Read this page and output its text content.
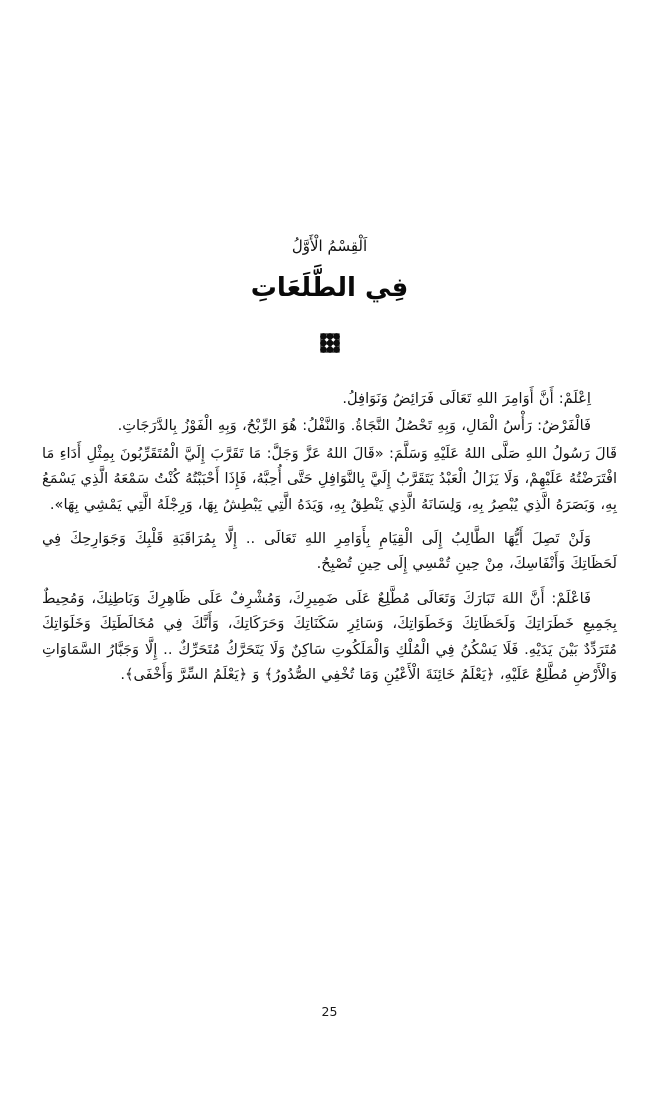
اَلْقِسْمُ الْأَوَّلُ
فِي الطَّلَعَاتِ

اِعْلَمْ: أَنَّ أَوَامِرَ اللهِ تَعَالَى فَرَائِضُ وَنَوَافِلُ.

فَالْفَرْضُ: رَأْسُ الْمَالِ، وَبِهِ تَحْصُلُ النَّجَاةُ. وَالنَّفْلُ: هُوَ الرِّبْحُ، وَبِهِ الْفَوْزُ بِالدَّرَجَاتِ.

قَالَ رَسُولُ اللهِ صَلَّى اللهُ عَلَيْهِ وَسَلَّمَ: «قَالَ اللهُ عَزَّ وَجَلَّ: مَا تَقَرَّبَ إِلَيَّ الْمُتَقَرِّبُونَ بِمِثْلِ أَدَاءِ مَا افْتَرَضْتُهُ عَلَيْهِمْ، وَلَا يَزَالُ الْعَبْدُ يَتَقَرَّبُ إِلَيَّ بِالنَّوَافِلِ حَتَّى أُحِبَّهُ، فَإِذَا أَحْبَبْتُهُ كُنْتُ سَمْعَهُ الَّذِي يَسْمَعُ بِهِ، وَبَصَرَهُ الَّذِي يُبْصِرُ بِهِ، وَلِسَانَهُ الَّذِي يَنْطِقُ بِهِ، وَيَدَهُ الَّتِي يَبْطِشُ بِهَا، وَرِجْلَهُ الَّتِي يَمْشِي بِهَا».

وَلَنْ تَصِلَ أَيُّهَا الطَّالِبُ إِلَى الْقِيَامِ بِأَوَامِرِ اللهِ تَعَالَى .. إِلَّا بِمُرَاقَبَةِ قَلْبِكَ وَجَوَارِحِكَ فِي لَحَظَاتِكَ وَأَنْفَاسِكَ، مِنْ حِينِ تُمْسِي إِلَى حِينِ تُصْبِحُ.

فَاعْلَمْ: أَنَّ اللهَ تَبَارَكَ وَتَعَالَى مُطَّلِعٌ عَلَى ضَمِيرِكَ، وَمُشْرِفٌ عَلَى ظَاهِرِكَ وَبَاطِنِكَ، وَمُحِيطٌ بِجَمِيعِ خَطَرَاتِكَ وَلَحَظَاتِكَ وَخَطَوَاتِكَ، وَسَائِرِ سَكَنَاتِكَ وَحَرَكَاتِكَ، وَأَنَّكَ فِي مُخَالَطَتِكَ وَخَلَوَاتِكَ مُتَرَدِّدٌ بَيْنَ يَدَيْهِ. فَلَا يَسْكُنُ فِي الْمُلْكِ وَالْمَلَكُوتِ سَاكِنٌ وَلَا يَتَحَرَّكُ مُتَحَرِّكٌ .. إِلَّا وَجَبَّارُ السَّمَاوَاتِ وَالْأَرْضِ مُطَّلِعٌ عَلَيْهِ، ﴿يَعْلَمُ خَائِنَةَ الْأَعْيُنِ وَمَا تُخْفِي الصُّدُورُ﴾ وَ ﴿يَعْلَمُ السِّرَّ وَأَخْفَى﴾.

25
